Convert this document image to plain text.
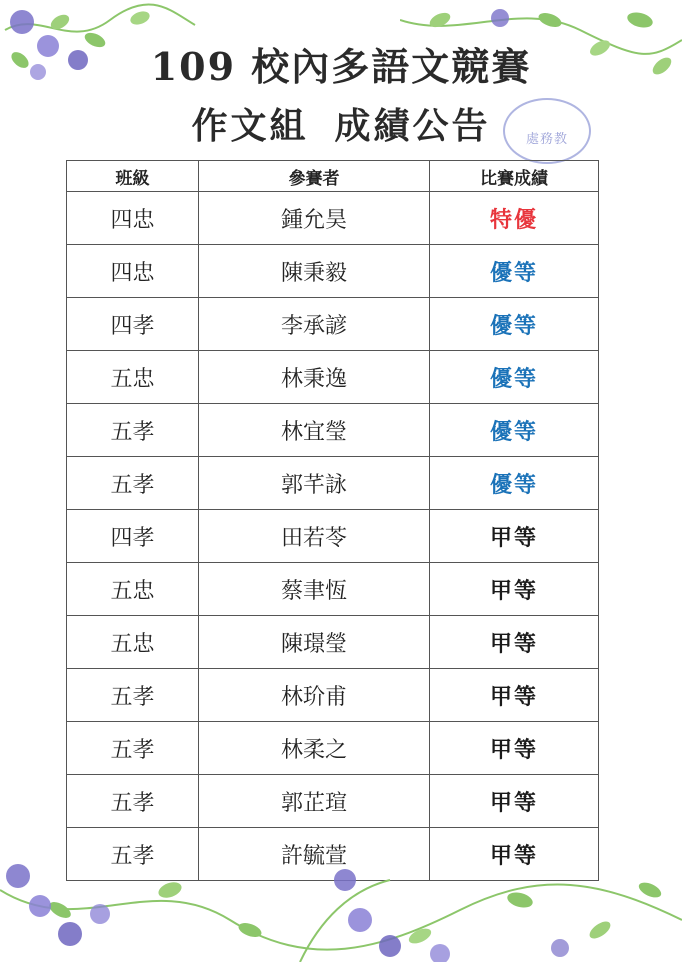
109 校內多語文競賽
作文組 成績公告	處務教
班級	參賽者	比賽成績
四忠	鍾允昊	特優
四忠	陳秉毅	優等
四孝	李承諺	優等
五忠	林秉逸	優等
五孝	林宜瑩	優等
五孝	郭芊詠	優等
四孝	田若苓	甲等
五忠	蔡聿恆	甲等
五忠	陳璟瑩	甲等
五孝	林玠甫	甲等
五孝	林柔之	甲等
五孝	郭芷瑄	甲等
五孝	許毓萱	甲等
